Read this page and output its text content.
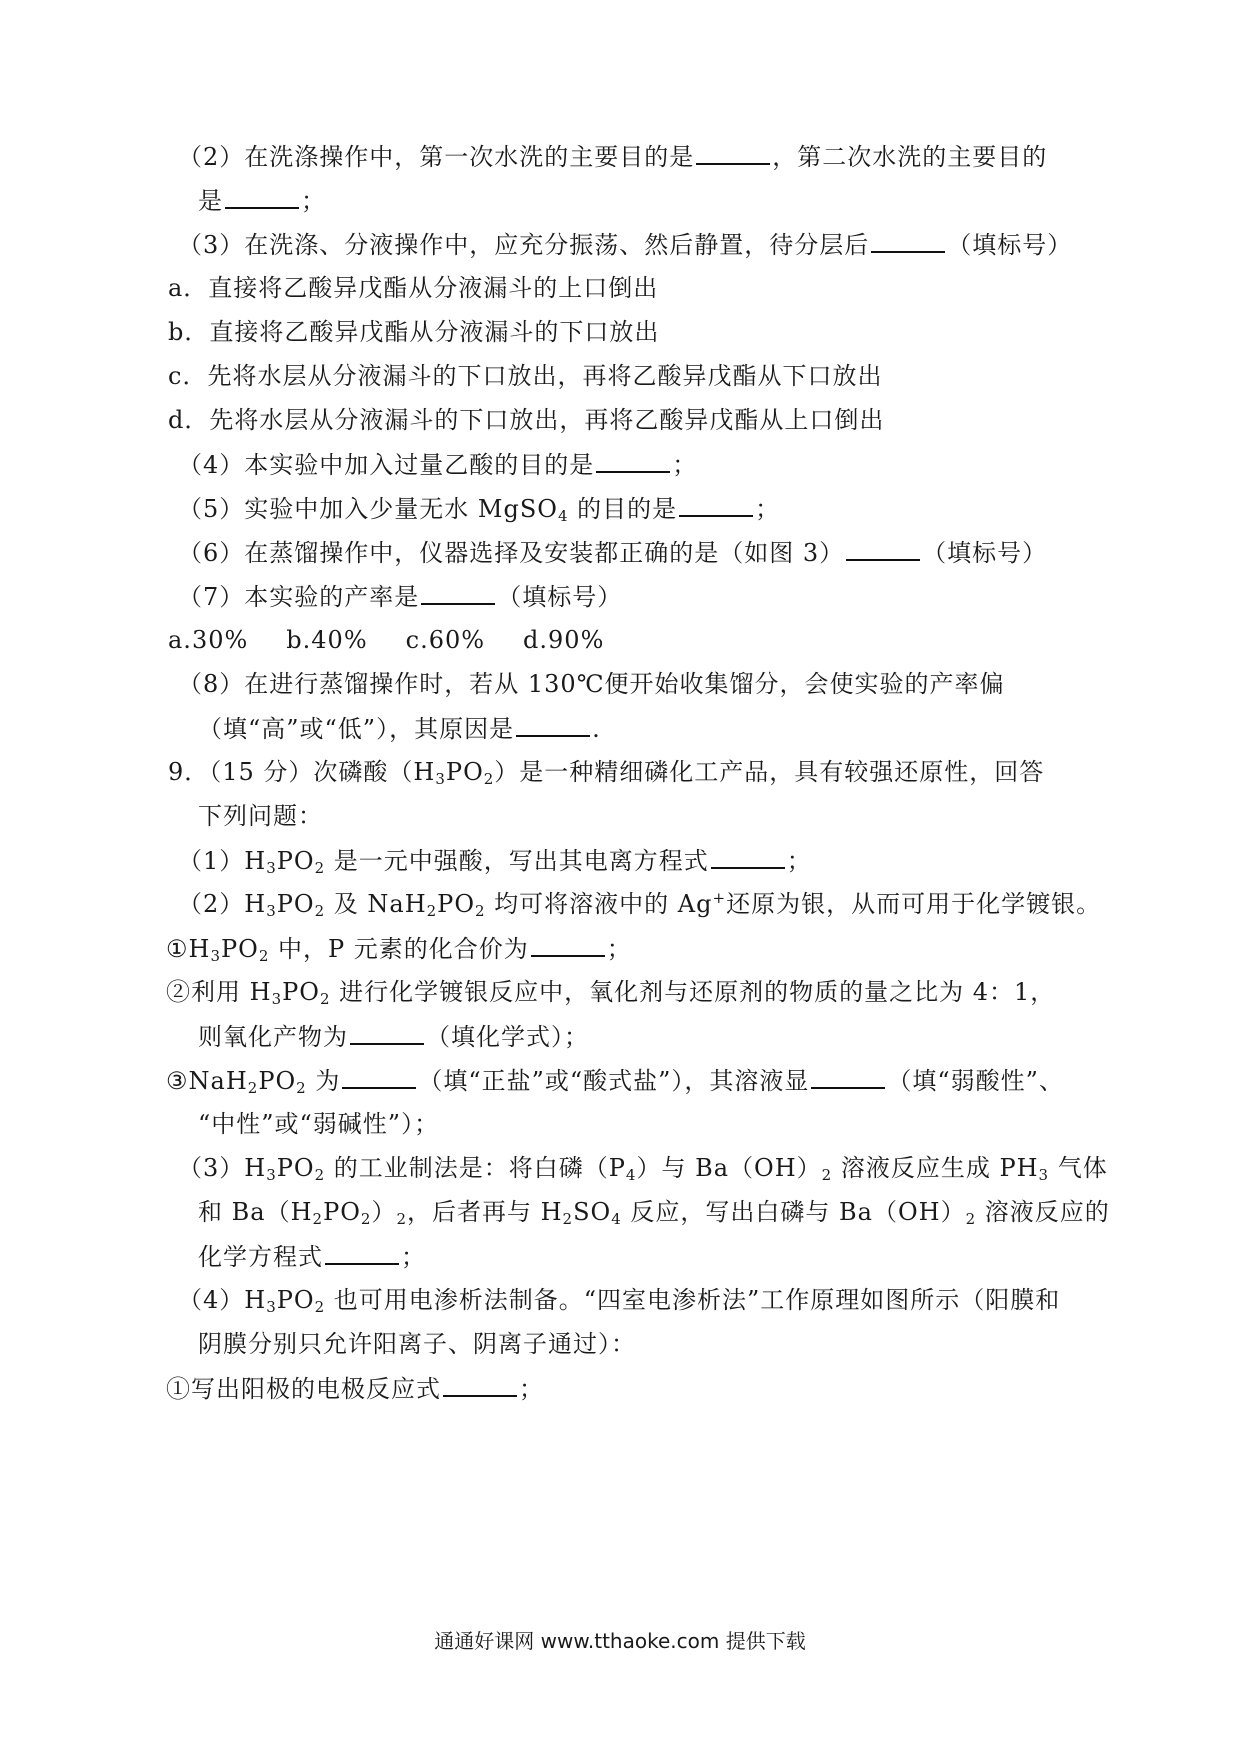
（2）在洗涤操作中，第一次水洗的主要目的是	，第二次水洗的主要目的
是	；
（3）在洗涤、分液操作中，应充分振荡、然后静置，待分层后	（填标号）
a．直接将乙酸异戊酯从分液漏斗的上口倒出
b．直接将乙酸异戊酯从分液漏斗的下口放出
c．先将水层从分液漏斗的下口放出，再将乙酸异戊酯从下口放出
d．先将水层从分液漏斗的下口放出，再将乙酸异戊酯从上口倒出
（4）本实验中加入过量乙酸的目的是	；
（5）实验中加入少量无水 MgSO$_4$ 的目的是	；
（6）在蒸馏操作中，仪器选择及安装都正确的是（如图 3）	（填标号）
（7）本实验的产率是	（填标号）
a.30% b.40% c.60% d.90%
（8）在进行蒸馏操作时，若从 130℃便开始收集馏分，会使实验的产率偏
（填“高”或“低”），其原因是	.
9．（15 分）次磷酸$(H_3PO_2)$是一种精细磷化工产品，具有较强还原性，回答
下列问题：
$(1)H_3PO_2$ 是一元中强酸，写出其电离方程式	；
$(2)H_3PO_2$ 及 $NaH_2PO_2$ 均可将溶液中的 Ag+还原为银，从而可用于化学镀银。
$①H_3PO_2$ 中，P 元素的化合价为	；
②利用 $H_3PO_2$ 进行化学镀银反应中，氧化剂与还原剂的物质的量之比为 4：1，
则氧化产物为	（填化学式）；
$③NaH_2PO_2$ 为	（填“正盐”或“酸式盐”），其溶液显	（填“弱酸性”、
“中性”或“弱碱性”）；
$(3)H_3PO_2$ 的工业制法是：将白磷$(P_4)$与 $Ba(OH)_2$ 溶液反应生成 $PH_3$ 气体
和 $Ba(H_2PO_2)_2$，后者再与 $H_2SO_4$ 反应，写出白磷与 $Ba(OH)_2$ 溶液反应的
化学方程式	；
$(4)H_3PO_2$ 也可用电渗析法制备。“四室电渗析法”工作原理如图所示（阳膜和
阴膜分别只允许阳离子、阴离子通过）：
①写出阳极的电极反应式	；
通通好课网 www.tthaoke.com 提供下载
